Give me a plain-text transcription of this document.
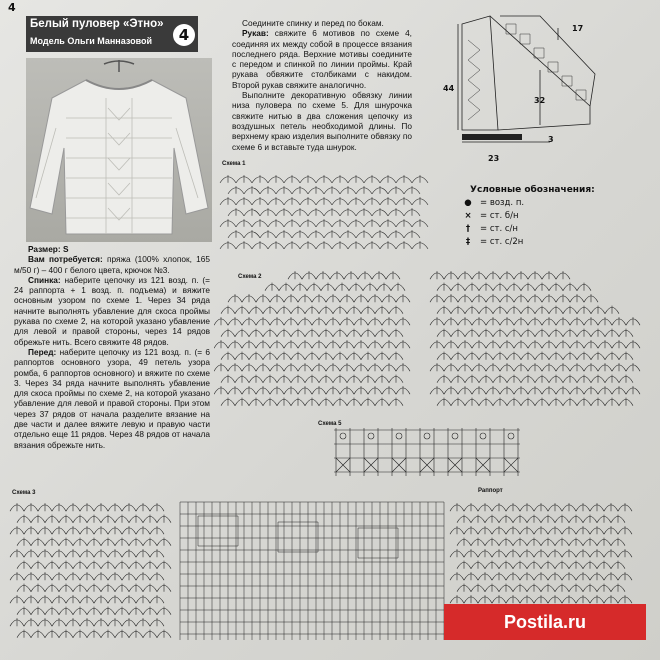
4
Белый пуловер «Этно»
Модель Ольги Манназовой	4
Размер: S
Вам потребуется: пряжа (100% хлопок, 165 м/50 г) – 400 г белого цвета, крючок №3.
Спинка: наберите цепочку из 121 возд. п. (= 24 раппорта + 1 возд. п. подъема) и вяжите основным узором по схеме 1. Через 34 ряда начните выполнять убавление для скоса проймы рукава по схеме 2, на которой указано убавление для левой и правой стороны, через 14 рядов обрежьте нить. Всего свяжите 48 рядов.
Перед: наберите цепочку из 121 возд. п. (= 6 раппортов основного узора, 49 петель узора ромба, 6 раппортов основного) и вяжите по схеме 3. Через 34 ряда начните выполнять убавление для скоса проймы по схеме 2, на которой указано убавление для левой и правой стороны. При этом через 37 рядов от начала разделите вязание на две части и далее вяжите левую и правую части отдельно еще 11 рядов. Через 48 рядов от начала вязания обрежьте нить.
Соедините спинку и перед по бокам.
Рукав: свяжите 6 мотивов по схеме 4, соединяя их между собой в процессе вязания последнего ряда. Верхние мотивы соедините с передом и спинкой по линии проймы. Край рукава обвяжите столбиками с накидом. Второй рукав свяжите аналогично.
Выполните декоративную обвязку линии низа пуловера по схеме 5. Для шнурочка свяжите нитью в два сложения цепочку из воздушных петель необходимой длины. По верхнему краю изделия выполните обвязку по схеме 6 и вставьте туда шнурок.
17
44
32
3
23
Условные обозначения:
● = возд. п.
× = ст. б/н
†	= ст. с/н
‡	= ст. с/2н
Схема 1
Схема 2
Схема 5
Раппорт
Схема 3
Postila.ru
